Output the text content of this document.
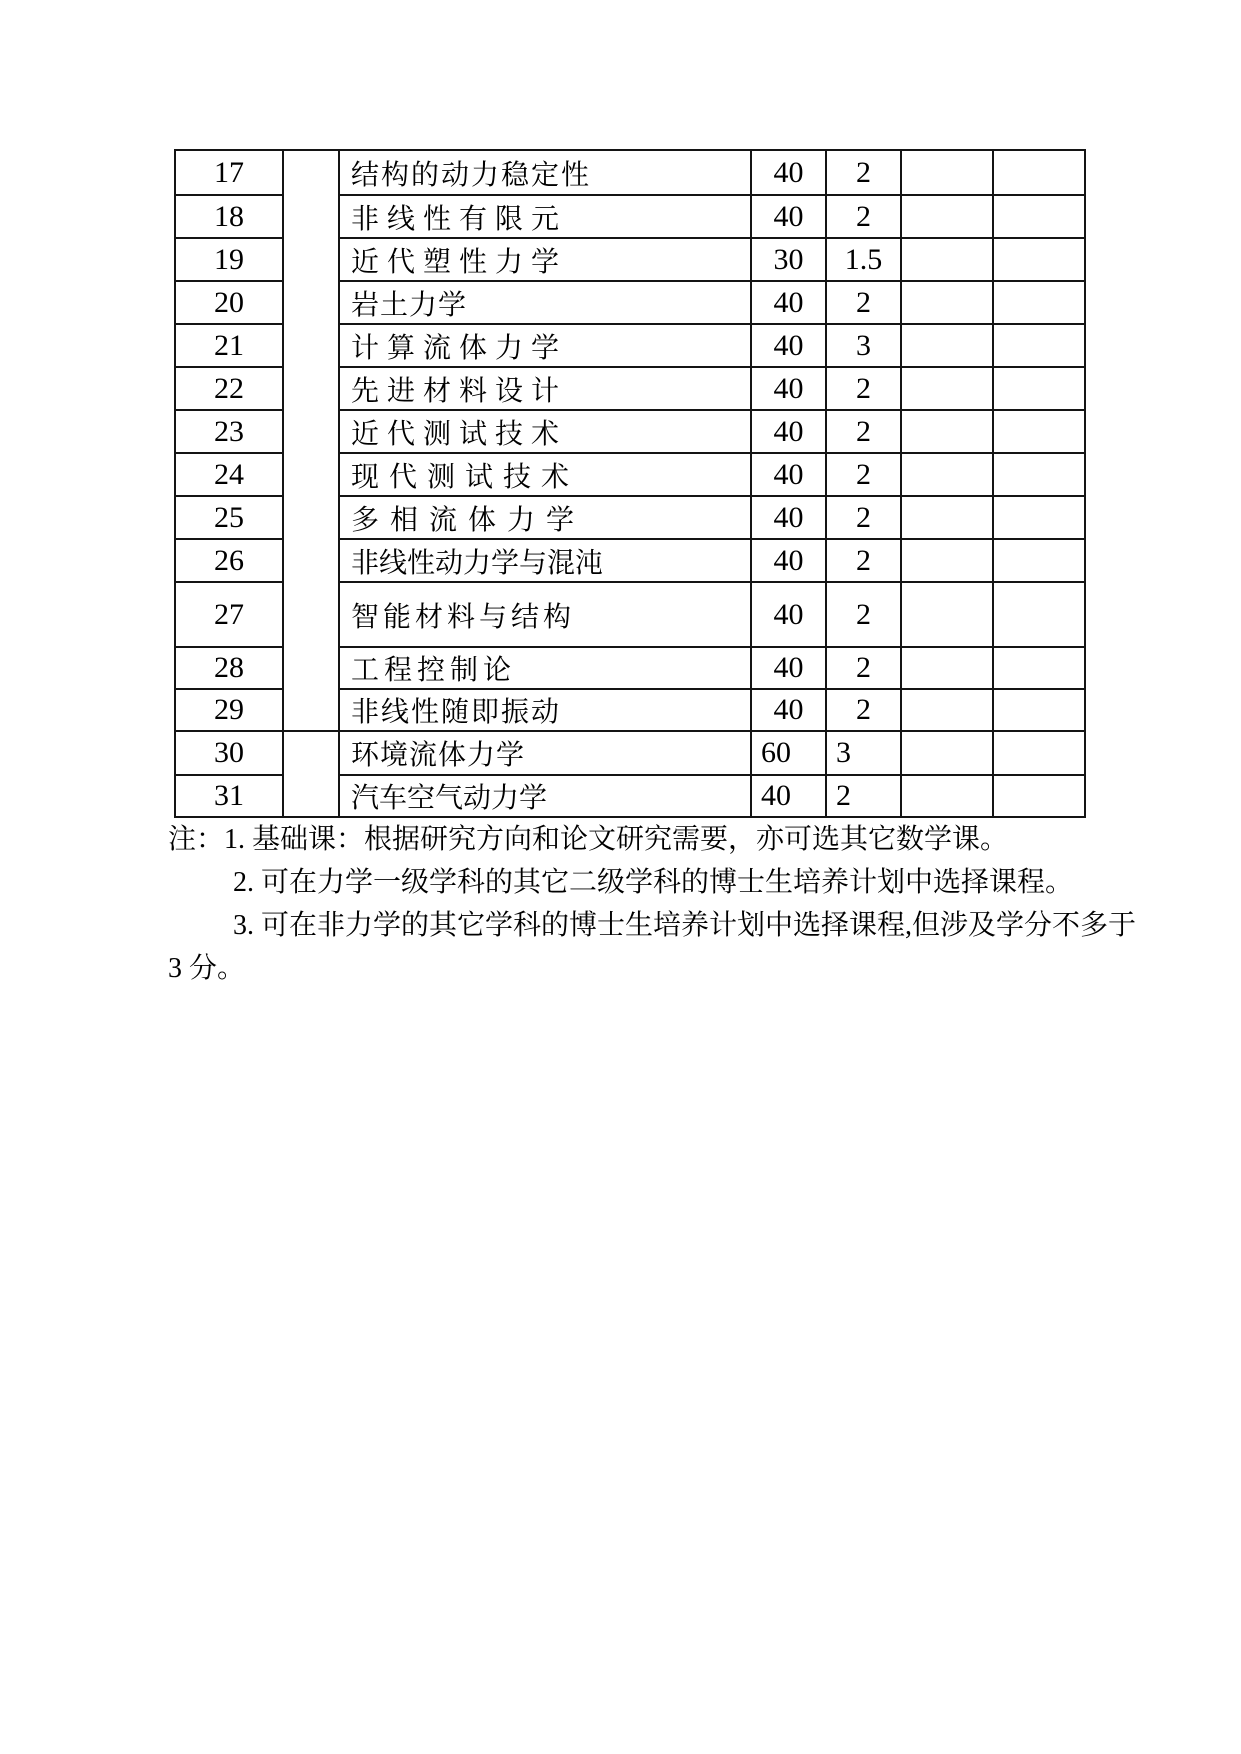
17		结构的动力稳定性	40	2		
18		非线性有限元	40	2		
19		近代塑性力学	30	1.5		
20		岩土力学	40	2		
21		计算流体力学	40	3		
22		先进材料设计	40	2		
23		近代测试技术	40	2		
24		现代测试技术	40	2		
25		多相流体力学	40	2		
26		非线性动力学与混沌	40	2		
27		智能材料与结构	40	2		
28		工程控制论	40	2		
29		非线性随即振动	40	2		
30		环境流体力学	60	3		
31		汽车空气动力学	40	2		

注：1. 基础课：根据研究方向和论文研究需要，亦可选其它数学课。

2. 可在力学一级学科的其它二级学科的博士生培养计划中选择课程。

3. 可在非力学的其它学科的博士生培养计划中选择课程,但涉及学分不多于

3 分。
